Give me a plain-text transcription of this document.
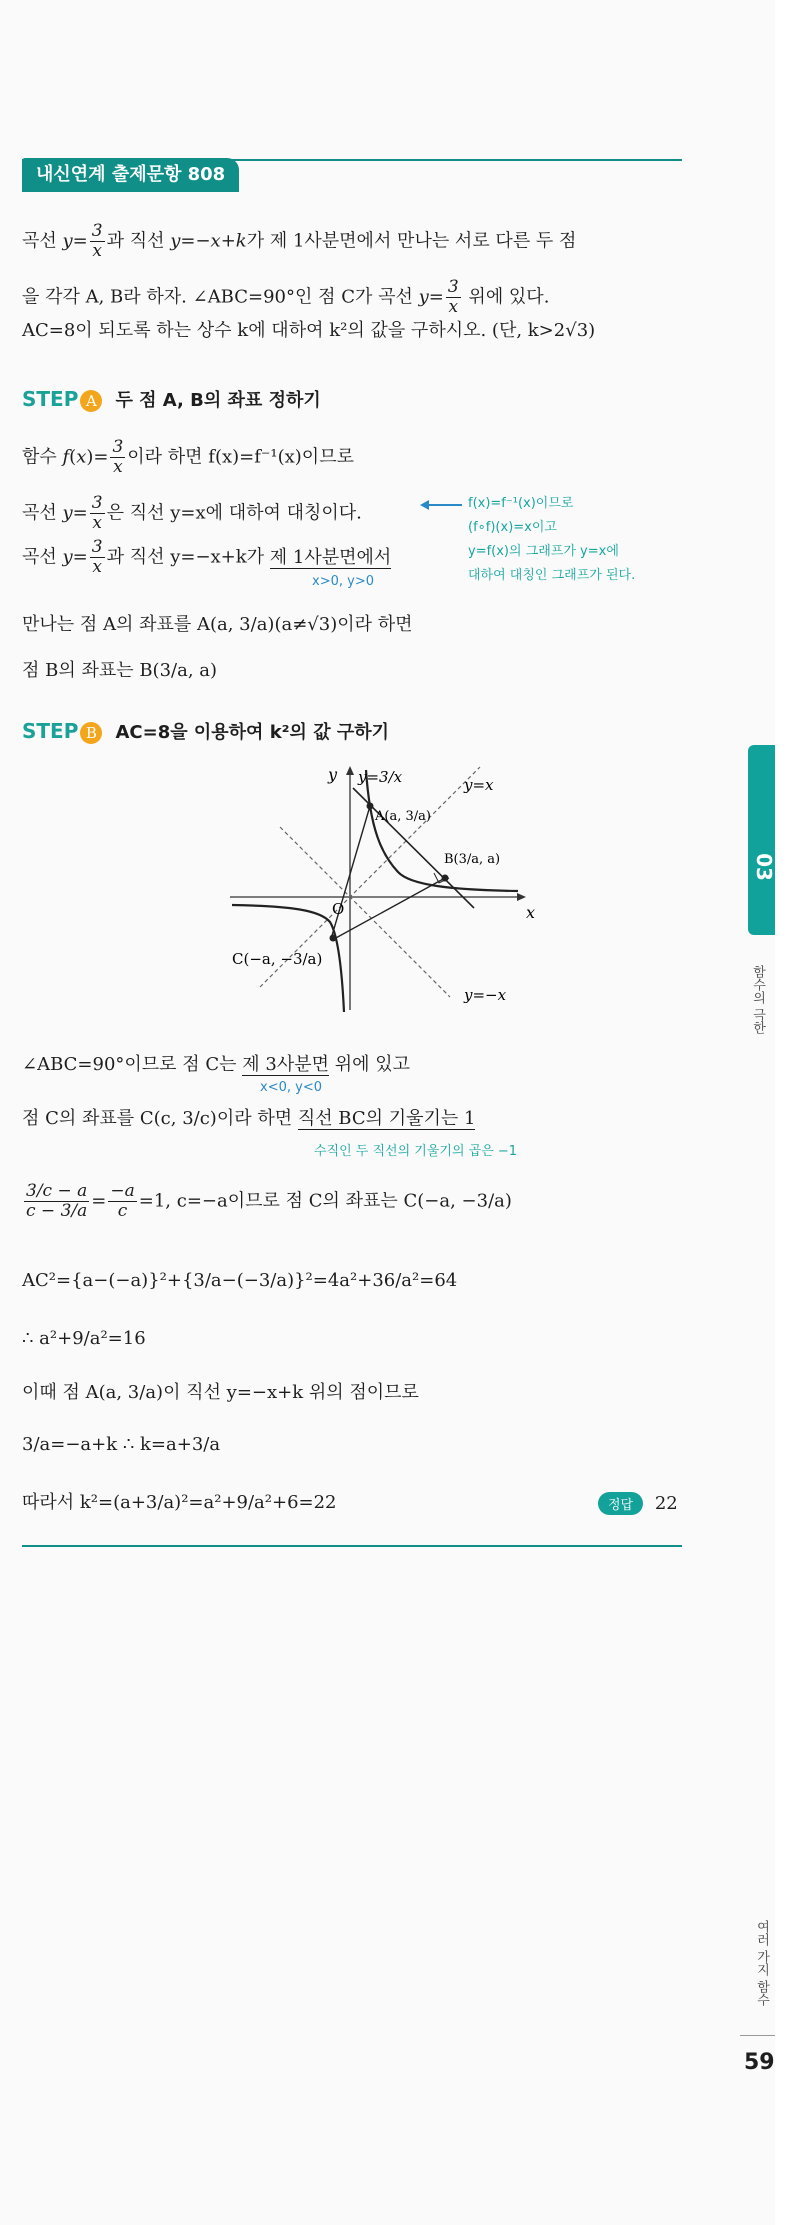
내신연계 출제문항 808
곡선 $y= \frac{3}{x}$ 과 직선 y=−x+k가 제 1사분면에서 만나는 서로 다른 두 점
을 각각 A, B라 하자. ∠ABC=90°인 점 C가 곡선 $y= \frac{3}{x}$ 위에 있다.
AC=8이 되도록 하는 상수 k에 대하여 k²의 값을 구하시오. (단, k>2√3)
STEP A 두 점 A, B의 좌표 정하기
함수 $f(x)= \frac{3}{x}$ 이라 하면 f(x)=f⁻¹(x)이므로
곡선 $y= \frac{3}{x}$ 은 직선 y=x에 대하여 대칭이다.
곡선 $y= \frac{3}{x}$ 과 직선 y=−x+k가 제 1사분면에서
x>0, y>0
f(x)=f⁻¹(x)이므로
(f∘f)(x)=x이고
y=f(x)의 그래프가 y=x에
대하여 대칭인 그래프가 된다.
만나는 점 A의 좌표를 A(a, 3/a)(a≠√3)이라 하면
점 B의 좌표는 B(3/a, a)
STEP B AC=8을 이용하여 k²의 값 구하기
y
x
O
y=3/x	y=x
y=−x
A(a, 3/a)
B(3/a, a)
C(−a, −3/a)
∠ABC=90°이므로 점 C는 제 3사분면 위에 있고
x<0, y<0
점 C의 좌표를 C(c, 3/c)이라 하면 직선 BC의 기울기는 1
수직인 두 직선의 기울기의 곱은 −1
$\frac{3/c - a}{c - 3/a} = \frac{-a}{c} =1$, c=−a이므로 점 C의 좌표는 C(−a, −3/a)
AC²={a−(−a)}²+{3/a−(−3/a)}²=4a²+36/a²=64
∴ a²+9/a²=16
이때 점 A(a, 3/a)이 직선 y=−x+k 위의 점이므로
3/a=−a+k ∴ k=a+3/a
따라서 k²=(a+3/a)²=a²+9/a²+6=22	정답 22
03
함수의 극한
여러 가지 함수
59
